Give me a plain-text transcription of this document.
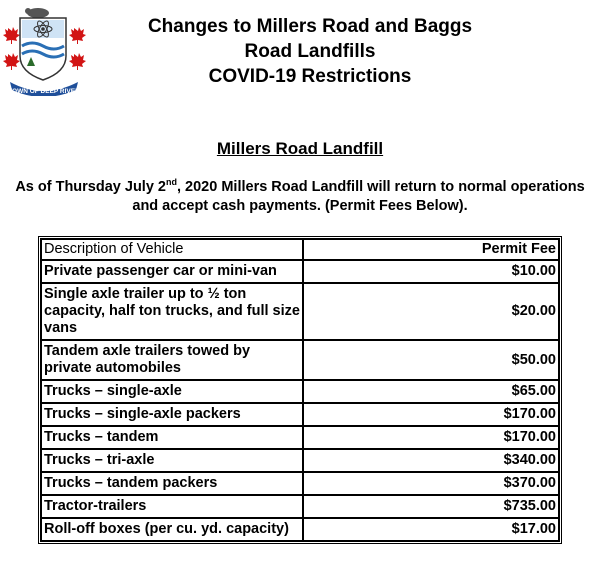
TOWN OF DEEP RIVER
Changes to Millers Road and Baggs
Road Landfills
COVID-19 Restrictions
Millers Road Landfill
As of Thursday July 2nd, 2020 Millers Road Landfill will return to normal operations and accept cash payments. (Permit Fees Below).
Description of Vehicle	Permit Fee
Private passenger car or mini-van	$10.00
Single axle trailer up to ½ ton capacity, half ton trucks, and full size vans	$20.00
Tandem axle trailers towed by private automobiles	$50.00
Trucks – single-axle	$65.00
Trucks – single-axle packers	$170.00
Trucks – tandem	$170.00
Trucks – tri-axle	$340.00
Trucks – tandem packers	$370.00
Tractor-trailers	$735.00
Roll-off boxes (per cu. yd. capacity)	$17.00
